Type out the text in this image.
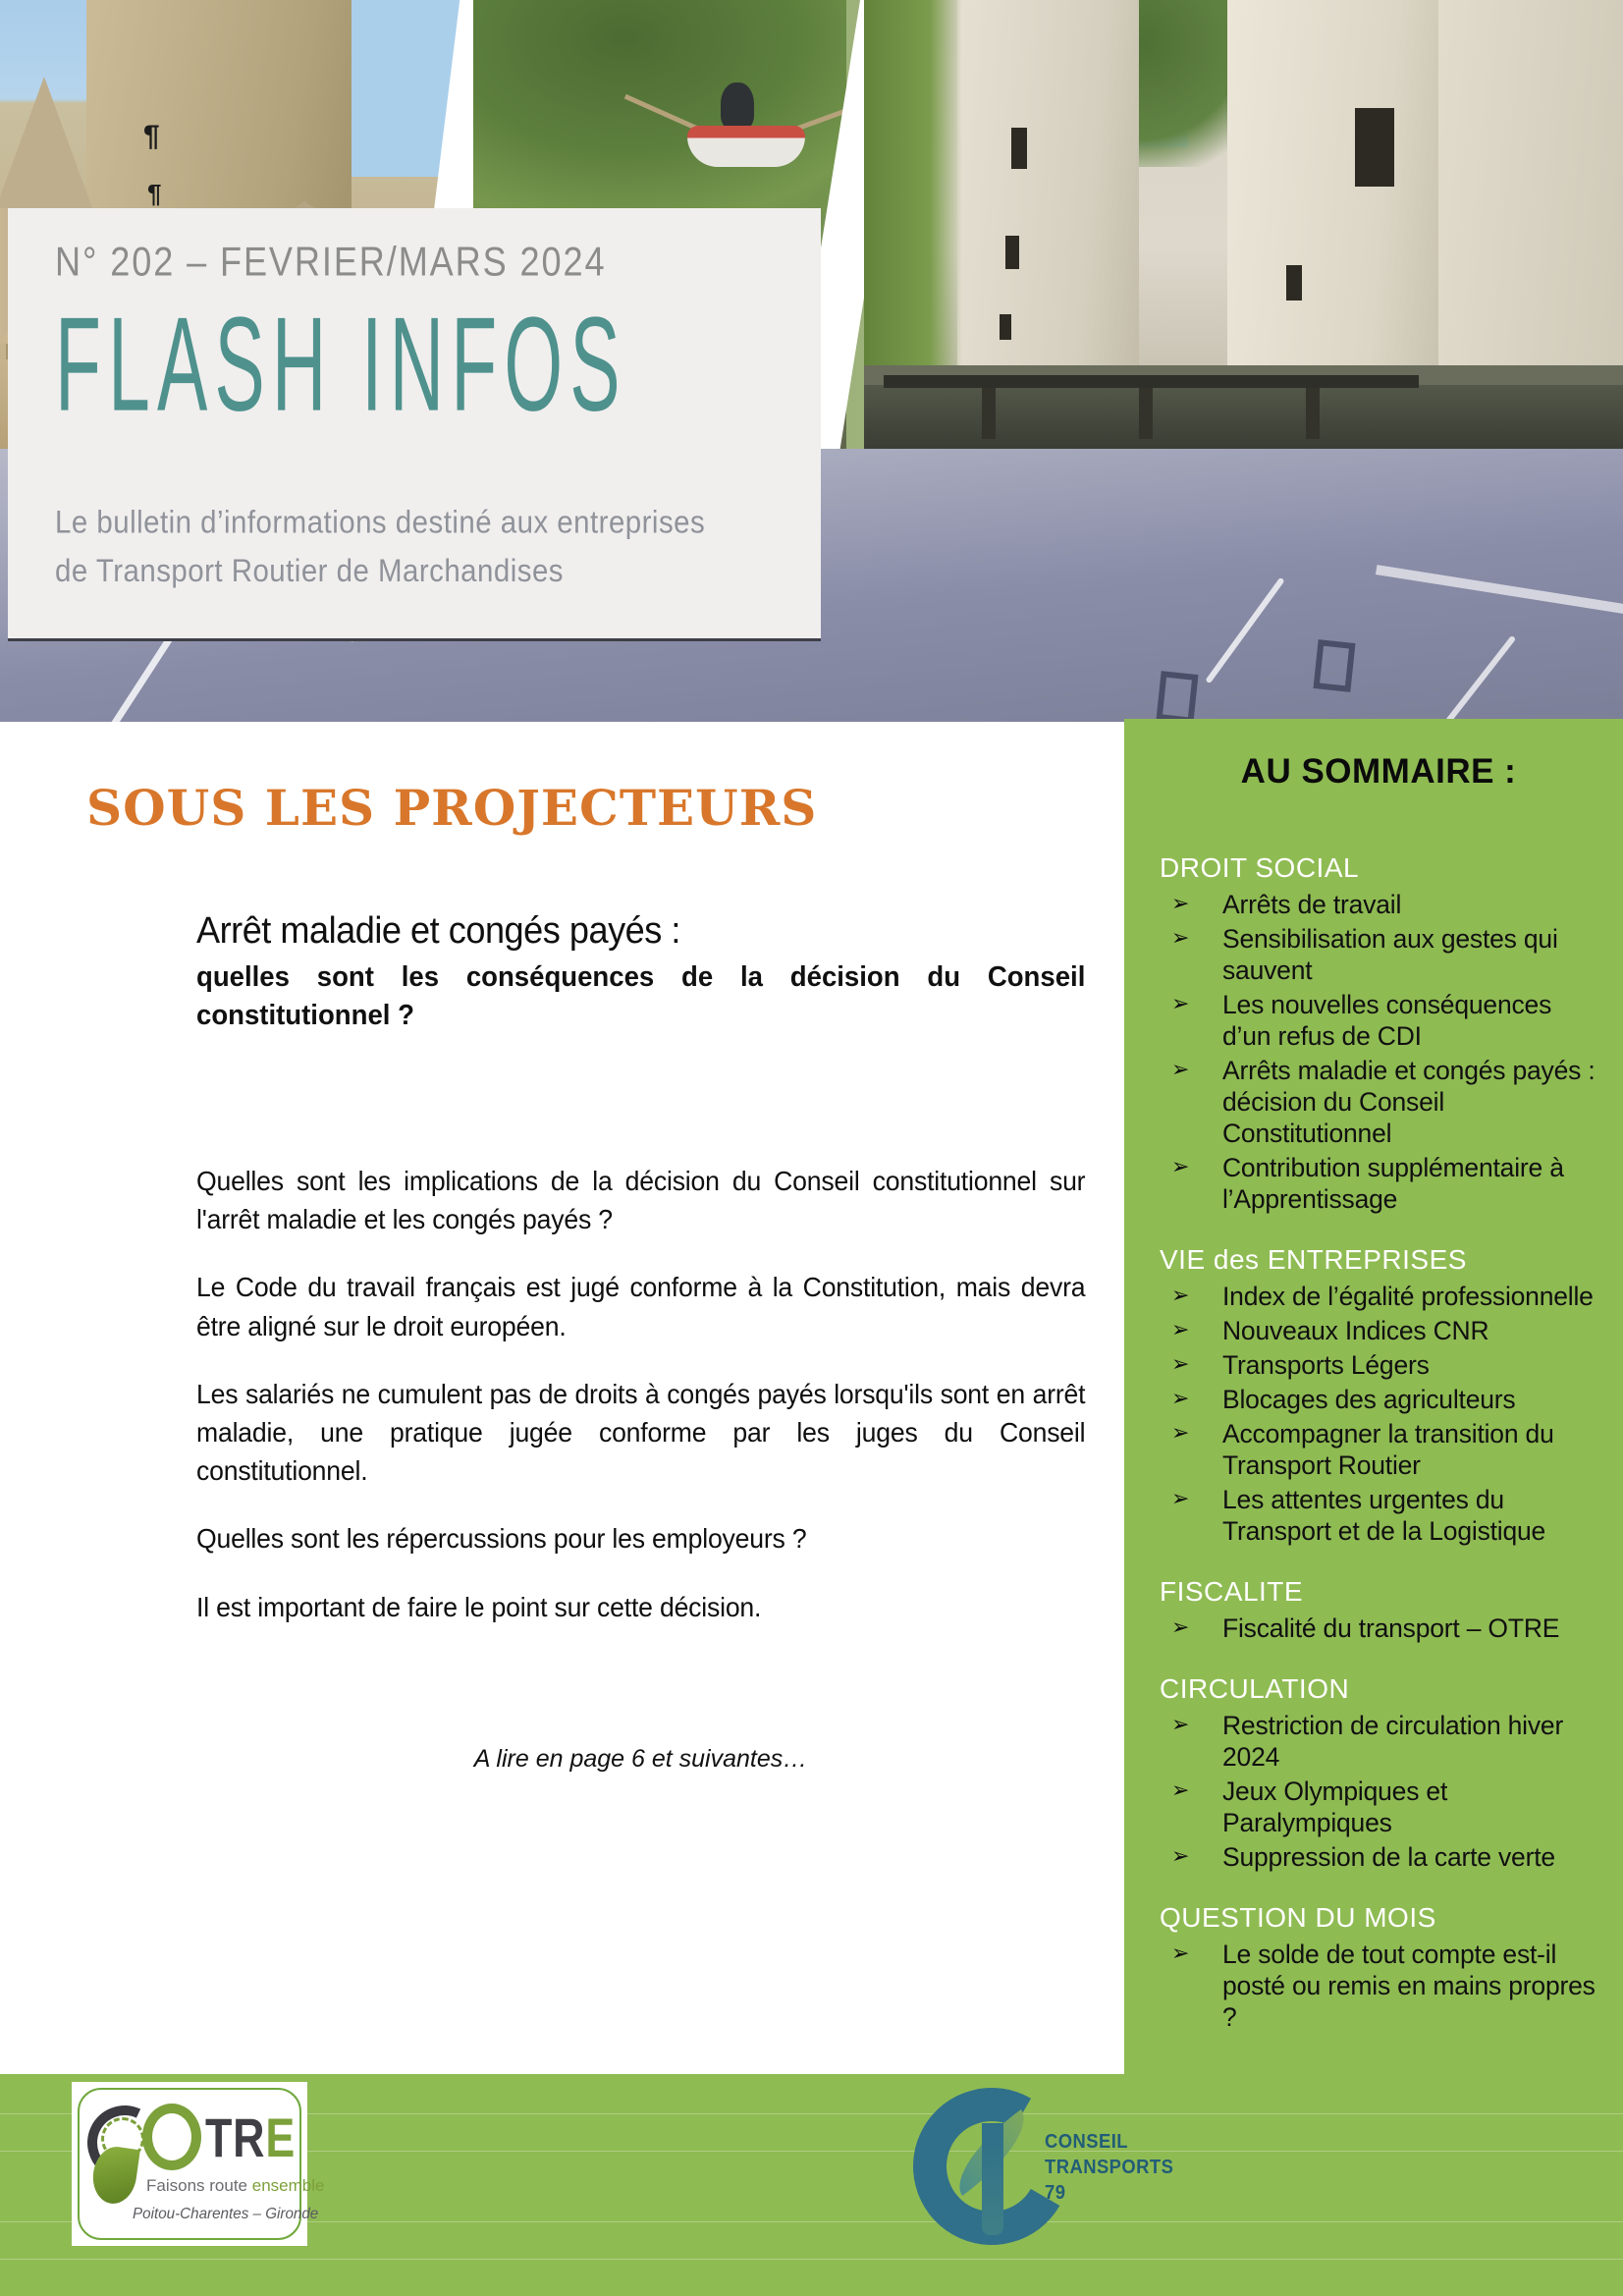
¶
¶
N° 202 – FEVRIER/MARS 2024
FLASH INFOS
Le bulletin d’informations destiné aux entreprises
de Transport Routier de Marchandises
SOUS LES PROJECTEURS

Arrêt maladie et congés payés :

quelles sont les conséquences de la décision du Conseil constitutionnel ?

Quelles sont les implications de la décision du Conseil constitutionnel sur l'arrêt maladie et les congés payés ?

Le Code du travail français est jugé conforme à la Constitution, mais devra être aligné sur le droit européen.

Les salariés ne cumulent pas de droits à congés payés lorsqu'ils sont en arrêt maladie, une pratique jugée conforme par les juges du Conseil constitutionnel.

Quelles sont les répercussions pour les employeurs ?

Il est important de faire le point sur cette décision.

A lire en page 6 et suivantes…
AU SOMMAIRE :
DROIT SOCIAL
➢	Arrêts de travail
➢	Sensibilisation aux gestes qui sauvent
➢	Les nouvelles conséquences d’un refus de CDI
➢	Arrêts maladie et congés payés : décision du Conseil Constitutionnel
➢	Contribution supplémentaire à l’Apprentissage
VIE des ENTREPRISES
➢	Index de l’égalité professionnelle
➢	Nouveaux Indices CNR
➢	Transports Légers
➢	Blocages des agriculteurs
➢	Accompagner la transition du Transport Routier
➢	Les attentes urgentes du Transport et de la Logistique
FISCALITE
➢	Fiscalité du transport – OTRE
CIRCULATION
➢	Restriction de circulation hiver 2024
➢	Jeux Olympiques et Paralympiques
➢	Suppression de la carte verte
QUESTION DU MOIS
➢	Le solde de tout compte est-il posté ou remis en mains propres ?
TRE
Faisons route ensemble
Poitou-Charentes – Gironde
CONSEIL
TRANSPORTS
79
